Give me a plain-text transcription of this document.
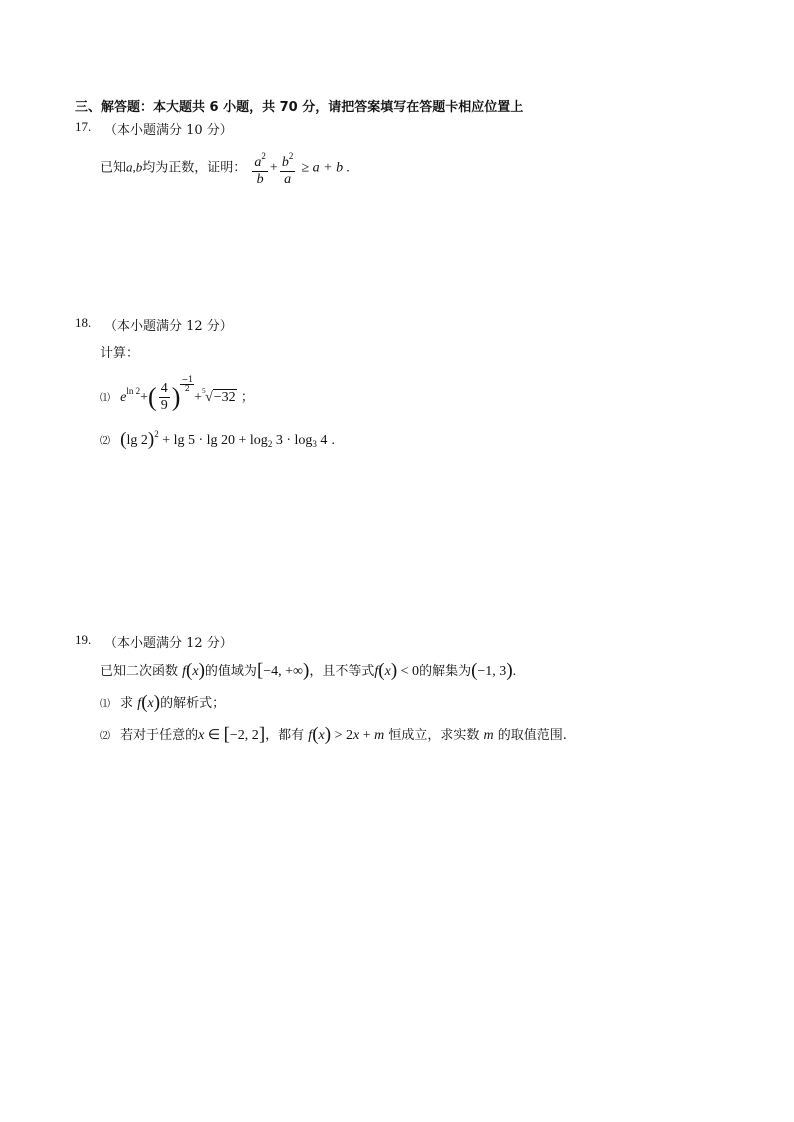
三、解答题：本大题共 6 小题，共 70 分，请把答案填写在答题卡相应位置上
17. （本小题满分 10 分）
已知a,b均为正数，证明： $\frac{a^2}{b} + \frac{b^2}{a} \ge a + b$ .
18. （本小题满分 12 分）
计算：
⑴ $e^{ln 2}+( \frac{4}{9}$ ) $\frac{-1}{2}+ 5$ √−32 ；
⑵ (lg $2)^2 + \lg 5 \cdot \lg 20 + \log_2 3 \cdot \log_3 4$ .
19. （本小题满分 12 分）
已知二次函数 f(x)的值域为[−4, +∞)，且不等式f(x) < 0的解集为(−1, 3).
⑴ 求 f(x)的解析式；
⑵ 若对于任意的x ∈ [−2, 2]，都有 f(x) > 2x + m 恒成立，求实数 m 的取值范围.
